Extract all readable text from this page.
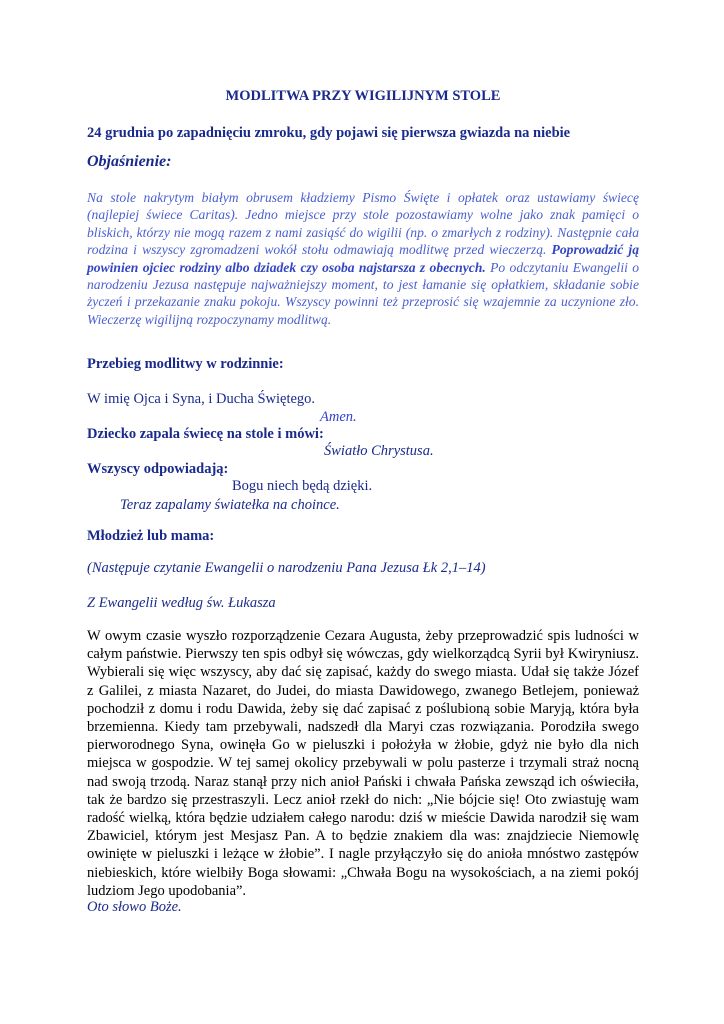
MODLITWA PRZY WIGILIJNYM STOLE
24 grudnia po zapadnięciu zmroku, gdy pojawi się pierwsza gwiazda na niebie
Objaśnienie:
Na stole nakrytym białym obrusem kładziemy Pismo Święte i opłatek oraz ustawiamy świecę (najlepiej świece Caritas). Jedno miejsce przy stole pozostawiamy wolne jako znak pamięci o bliskich, którzy nie mogą razem z nami zasiąść do wigilii (np. o zmarłych z rodziny). Następnie cała rodzina i wszyscy zgromadzeni wokół stołu odmawiają modlitwę przed wieczerzą. Poprowadzić ją powinien ojciec rodziny albo dziadek czy osoba najstarsza z obecnych. Po odczytaniu Ewangelii o narodzeniu Jezusa następuje najważniejszy moment, to jest łamanie się opłatkiem, składanie sobie życzeń i przekazanie znaku pokoju. Wszyscy powinni też przeprosić się wzajemnie za uczynione zło. Wieczerzę wigilijną rozpoczynamy modlitwą.
Przebieg modlitwy w rodzinnie:
W imię Ojca i Syna, i Ducha Świętego.
Amen.
Dziecko zapala świecę na stole i mówi:
Światło Chrystusa.
Wszyscy odpowiadają:
Bogu niech będą dzięki.
Teraz zapalamy światełka na choince.
Młodzież lub mama:
(Następuje czytanie Ewangelii o narodzeniu Pana Jezusa Łk 2,1–14)
Z Ewangelii według św. Łukasza
W owym czasie wyszło rozporządzenie Cezara Augusta, żeby przeprowadzić spis ludności w całym państwie. Pierwszy ten spis odbył się wówczas, gdy wielkorządcą Syrii był Kwiryniusz. Wybierali się więc wszyscy, aby dać się zapisać, każdy do swego miasta. Udał się także Józef z Galilei, z miasta Nazaret, do Judei, do miasta Dawidowego, zwanego Betlejem, ponieważ pochodził z domu i rodu Dawida, żeby się dać zapisać z poślubioną sobie Maryją, która była brzemienna. Kiedy tam przebywali, nadszedł dla Maryi czas rozwiązania. Porodziła swego pierworodnego Syna, owinęła Go w pieluszki i położyła w żłobie, gdyż nie było dla nich miejsca w gospodzie. W tej samej okolicy przebywali w polu pasterze i trzymali straż nocną nad swoją trzodą. Naraz stanął przy nich anioł Pański i chwała Pańska zewsząd ich oświeciła, tak że bardzo się przestraszyli. Lecz anioł rzekł do nich: „Nie bójcie się! Oto zwiastuję wam radość wielką, która będzie udziałem całego narodu: dziś w mieście Dawida narodził się wam Zbawiciel, którym jest Mesjasz Pan. A to będzie znakiem dla was: znajdziecie Niemowlę owinięte w pieluszki i leżące w żłobie”. I nagle przyłączyło się do anioła mnóstwo zastępów niebieskich, które wielbiły Boga słowami: „Chwała Bogu na wysokościach, a na ziemi pokój ludziom Jego upodobania”.
Oto słowo Boże.
